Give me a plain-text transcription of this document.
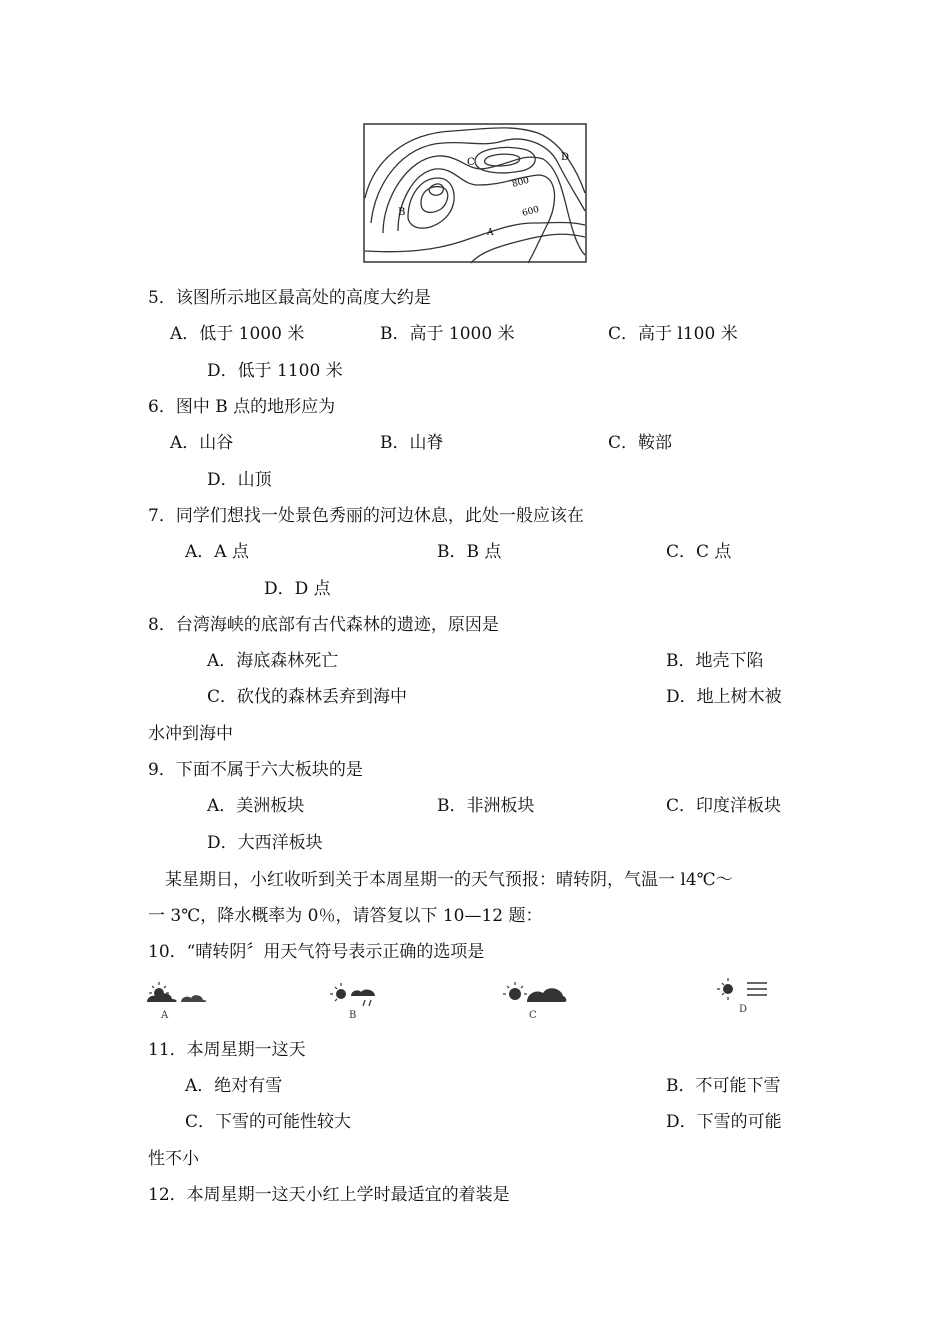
B
C	D
A
800
600
5．该图所示地区最高处的高度大约是
A．低于 1000 米	B．高于 1000 米	C．高于 l100 米
D．低于 1100 米
6．图中 B 点的地形应为
A．山谷	B．山脊	C．鞍部
D．山顶
7．同学们想找一处景色秀丽的河边休息，此处一般应该在
A．A 点	B．B 点	C．C 点
D．D 点
8．台湾海峡的底部有古代森林的遗迹，原因是
A．海底森林死亡	B．地壳下陷
C．砍伐的森林丢弃到海中	D．地上树木被
水冲到海中
9．下面不属于六大板块的是
A．美洲板块	B．非洲板块	C．印度洋板块
D．大西洋板块
某星期日，小红收听到关于本周星期一的天气预报：晴转阴，气温一 l4℃～
一 3℃，降水概率为 0％，请答复以下 10—12 题：
10．“晴转阴〞用天气符号表示正确的选项是
A	B	C
D
11．本周星期一这天
A．绝对有雪	B．不可能下雪
C．下雪的可能性较大	D．下雪的可能
性不小
12．本周星期一这天小红上学时最适宜的着装是
